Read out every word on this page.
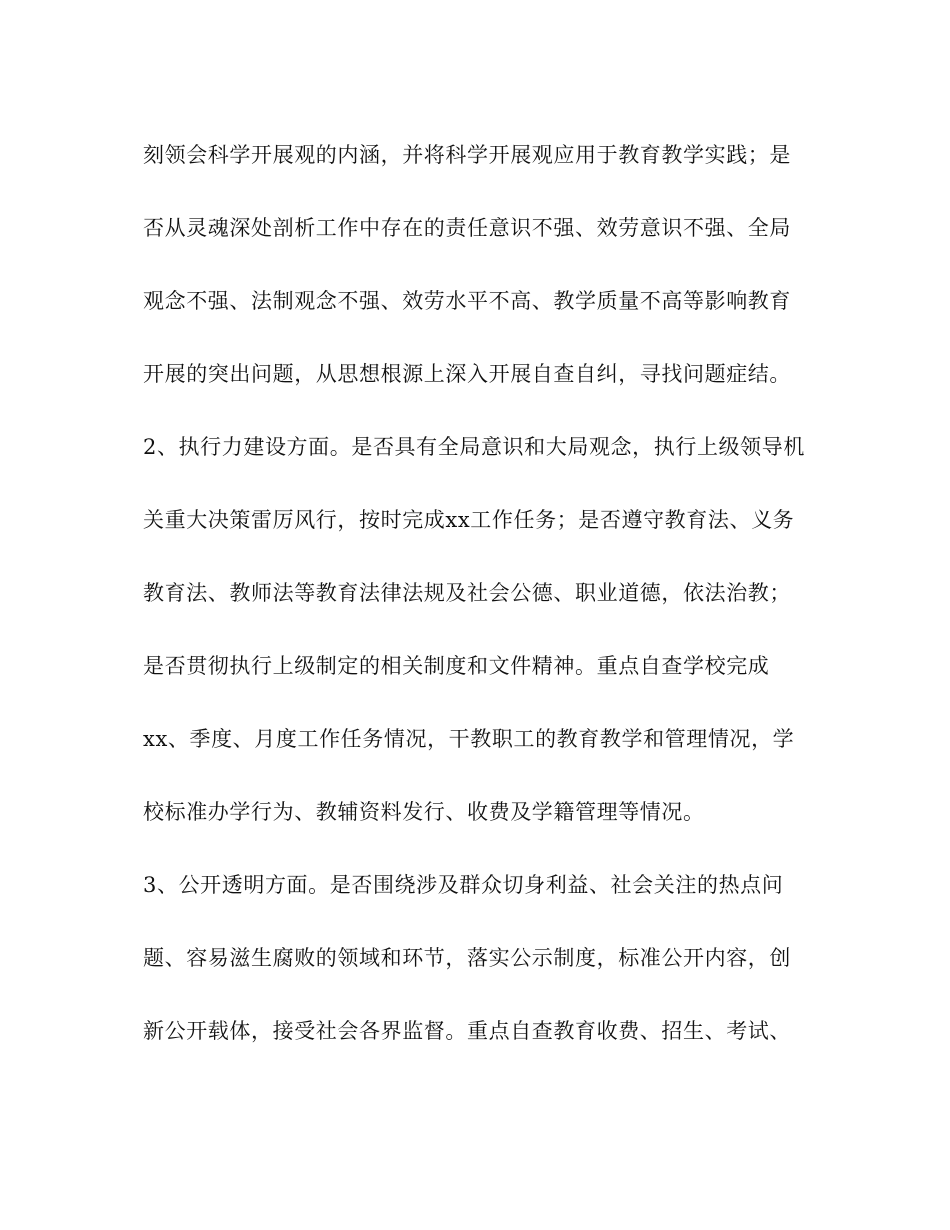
刻领会科学开展观的内涵，并将科学开展观应用于教育教学实践；是
否从灵魂深处剖析工作中存在的责任意识不强、效劳意识不强、全局
观念不强、法制观念不强、效劳水平不高、教学质量不高等影响教育
开展的突出问题，从思想根源上深入开展自查自纠，寻找问题症结。
2、执行力建设方面。是否具有全局意识和大局观念，执行上级领导机
关重大决策雷厉风行，按时完成xx工作任务；是否遵守教育法、义务
教育法、教师法等教育法律法规及社会公德、职业道德，依法治教；
是否贯彻执行上级制定的相关制度和文件精神。重点自查学校完成
xx、季度、月度工作任务情况，干教职工的教育教学和管理情况，学
校标准办学行为、教辅资料发行、收费及学籍管理等情况。
3、公开透明方面。是否围绕涉及群众切身利益、社会关注的热点问
题、容易滋生腐败的领域和环节，落实公示制度，标准公开内容，创
新公开载体，接受社会各界监督。重点自查教育收费、招生、考试、
